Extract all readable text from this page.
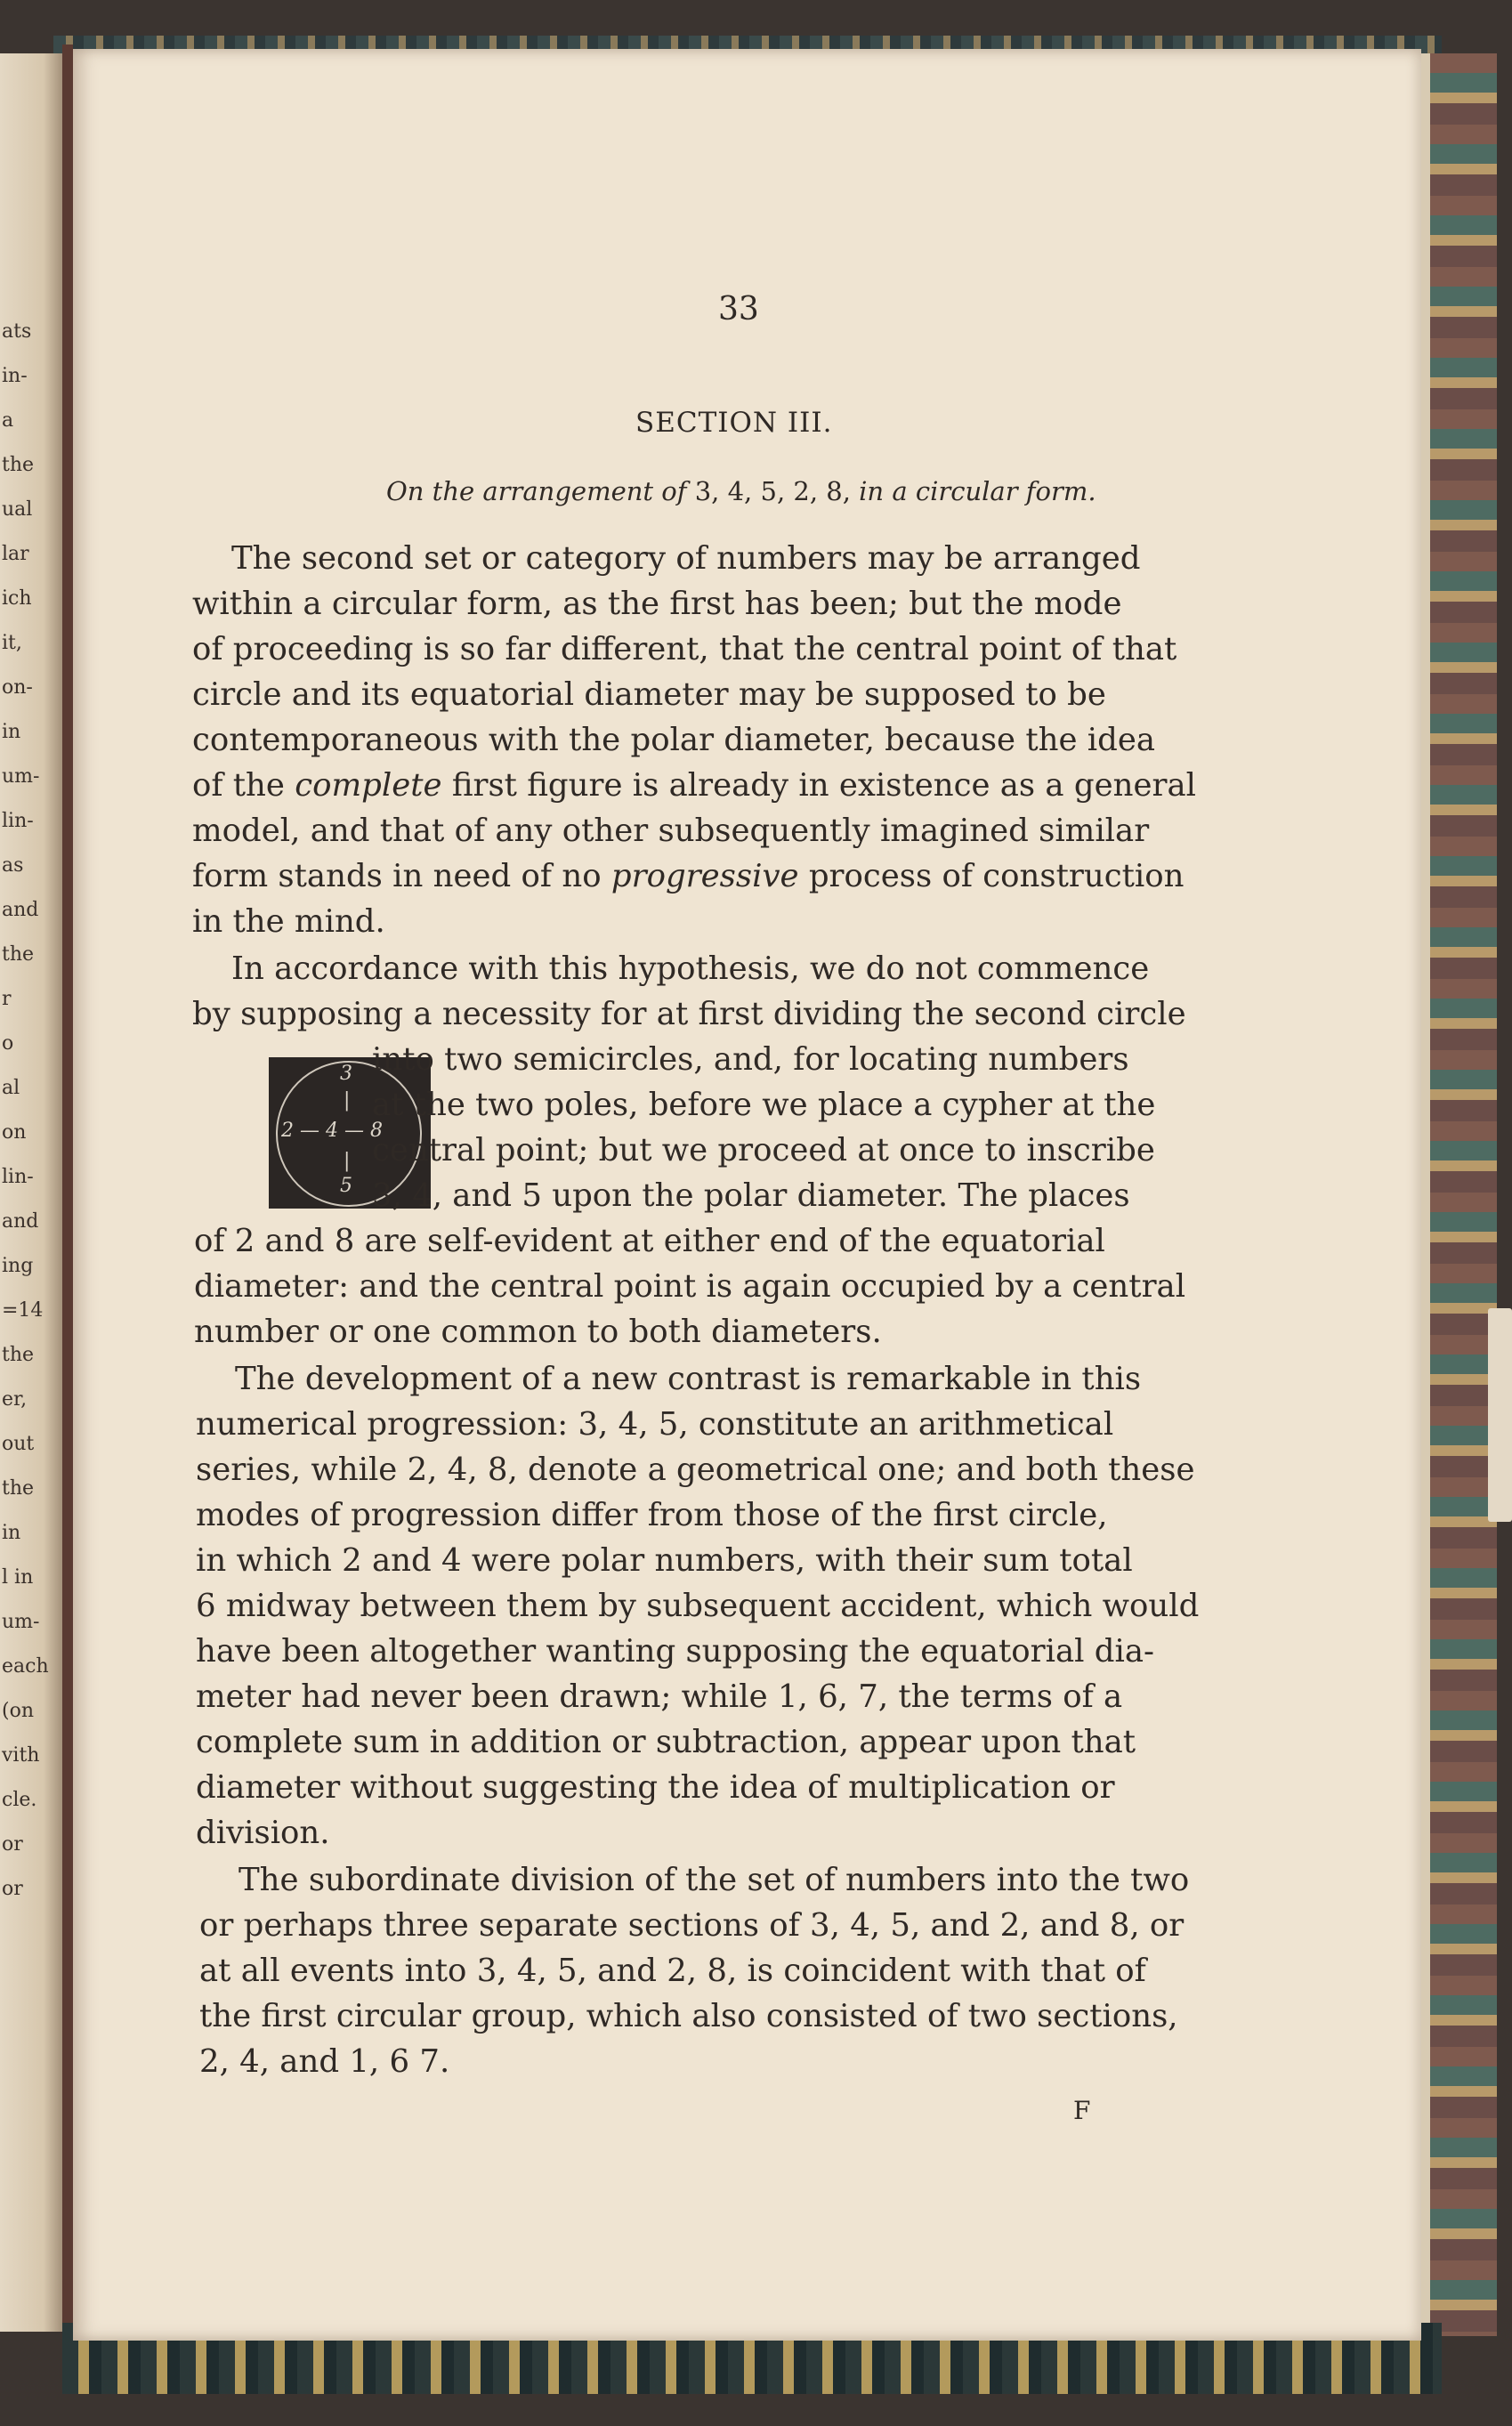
ats
in-
a
the
ual
lar
ich
it,
on-
in
um-
lin-
as
and
the
r
o
al
on
lin-
and
ing
=14
the
er,
out
the
in
l in
um-
each
(on
vith
cle.
or
or
33
SECTION III.
On the arrangement of 3, 4, 5, 2, 8, in a circular form.
The second set or category of numbers may be arranged
within a circular form, as the first has been; but the mode
of proceeding is so far different, that the central point of that
circle and its equatorial diameter may be supposed to be
contemporaneous with the polar diameter, because the idea
of the complete first figure is already in existence as a general
model, and that of any other subsequently imagined similar
form stands in need of no progressive process of construction
in the mind.
In accordance with this hypothesis, we do not commence
by supposing a necessity for at first dividing the second circle
3
|
2 — 4 — 8
|
5
into two semicircles, and, for locating numbers
at the two poles, before we place a cypher at the
central point; but we proceed at once to inscribe
3, 4, and 5 upon the polar diameter. The places
of 2 and 8 are self-evident at either end of the equatorial
diameter: and the central point is again occupied by a central
number or one common to both diameters.
The development of a new contrast is remarkable in this
numerical progression: 3, 4, 5, constitute an arithmetical
series, while 2, 4, 8, denote a geometrical one; and both these
modes of progression differ from those of the first circle,
in which 2 and 4 were polar numbers, with their sum total
6 midway between them by subsequent accident, which would
have been altogether wanting supposing the equatorial dia-
meter had never been drawn; while 1, 6, 7, the terms of a
complete sum in addition or subtraction, appear upon that
diameter without suggesting the idea of multiplication or
division.
The subordinate division of the set of numbers into the two
or perhaps three separate sections of 3, 4, 5, and 2, and 8, or
at all events into 3, 4, 5, and 2, 8, is coincident with that of
the first circular group, which also consisted of two sections,
2, 4, and 1, 6 7.
F
